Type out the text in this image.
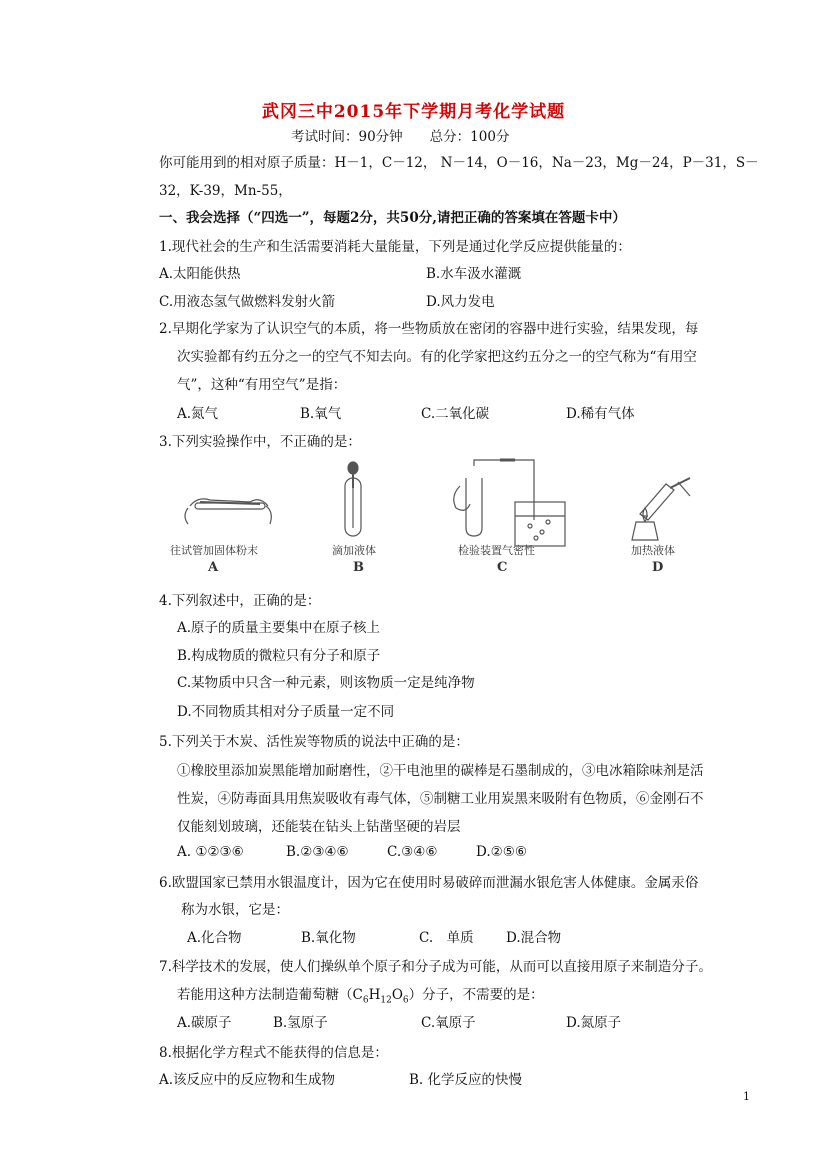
武冈三中2015年下学期月考化学试题
考试时间：90分钟　　总分：100分
你可能用到的相对原子质量：H－1，C－12， N－14，O－16，Na－23，Mg－24，P－31，S－
32，K-39，Mn-55，
一、我会选择（“四选一”，每题2分，共50分,请把正确的答案填在答题卡中）
1.现代社会的生产和生活需要消耗大量能量，下列是通过化学反应提供能量的：
A.太阳能供热	B.水车汲水灌溉
C.用液态氢气做燃料发射火箭	D.风力发电
2.早期化学家为了认识空气的本质，将一些物质放在密闭的容器中进行实验，结果发现，每
次实验都有约五分之一的空气不知去向。有的化学家把这约五分之一的空气称为“有用空
气”，这种“有用空气”是指：
A.氮气	B.氧气	C.二氧化碳	D.稀有气体
3.下列实验操作中，不正确的是：
往试管加固体粉末	滴加液体	检验装置气密性	加热液体
A	B	C	D
4.下列叙述中，正确的是：
A.原子的质量主要集中在原子核上
B.构成物质的微粒只有分子和原子
C.某物质中只含一种元素，则该物质一定是纯净物
D.不同物质其相对分子质量一定不同
5.下列关于木炭、活性炭等物质的说法中正确的是：
①橡胶里添加炭黑能增加耐磨性，②干电池里的碳棒是石墨制成的，③电冰箱除味剂是活
性炭，④防毒面具用焦炭吸收有毒气体，⑤制糖工业用炭黑来吸附有色物质，⑥金刚石不
仅能刻划玻璃，还能装在钻头上钻凿坚硬的岩层
A. ①②③⑥	B.②③④⑥	C.③④⑥	D.②⑤⑥
6.欧盟国家已禁用水银温度计，因为它在使用时易破碎而泄漏水银危害人体健康。金属汞俗
称为水银，它是：
A.化合物	B.氧化物	C.　单质 D.混合物
7.科学技术的发展，使人们操纵单个原子和分子成为可能，从而可以直接用原子来制造分子。
若能用这种方法制造葡萄糖$(C_6H_{12}O_6)$分子，不需要的是：
A.碳原子	B.氢原子	C.氧原子	D.氮原子
8.根据化学方程式不能获得的信息是：
A.该反应中的反应物和生成物	B. 化学反应的快慢
1
